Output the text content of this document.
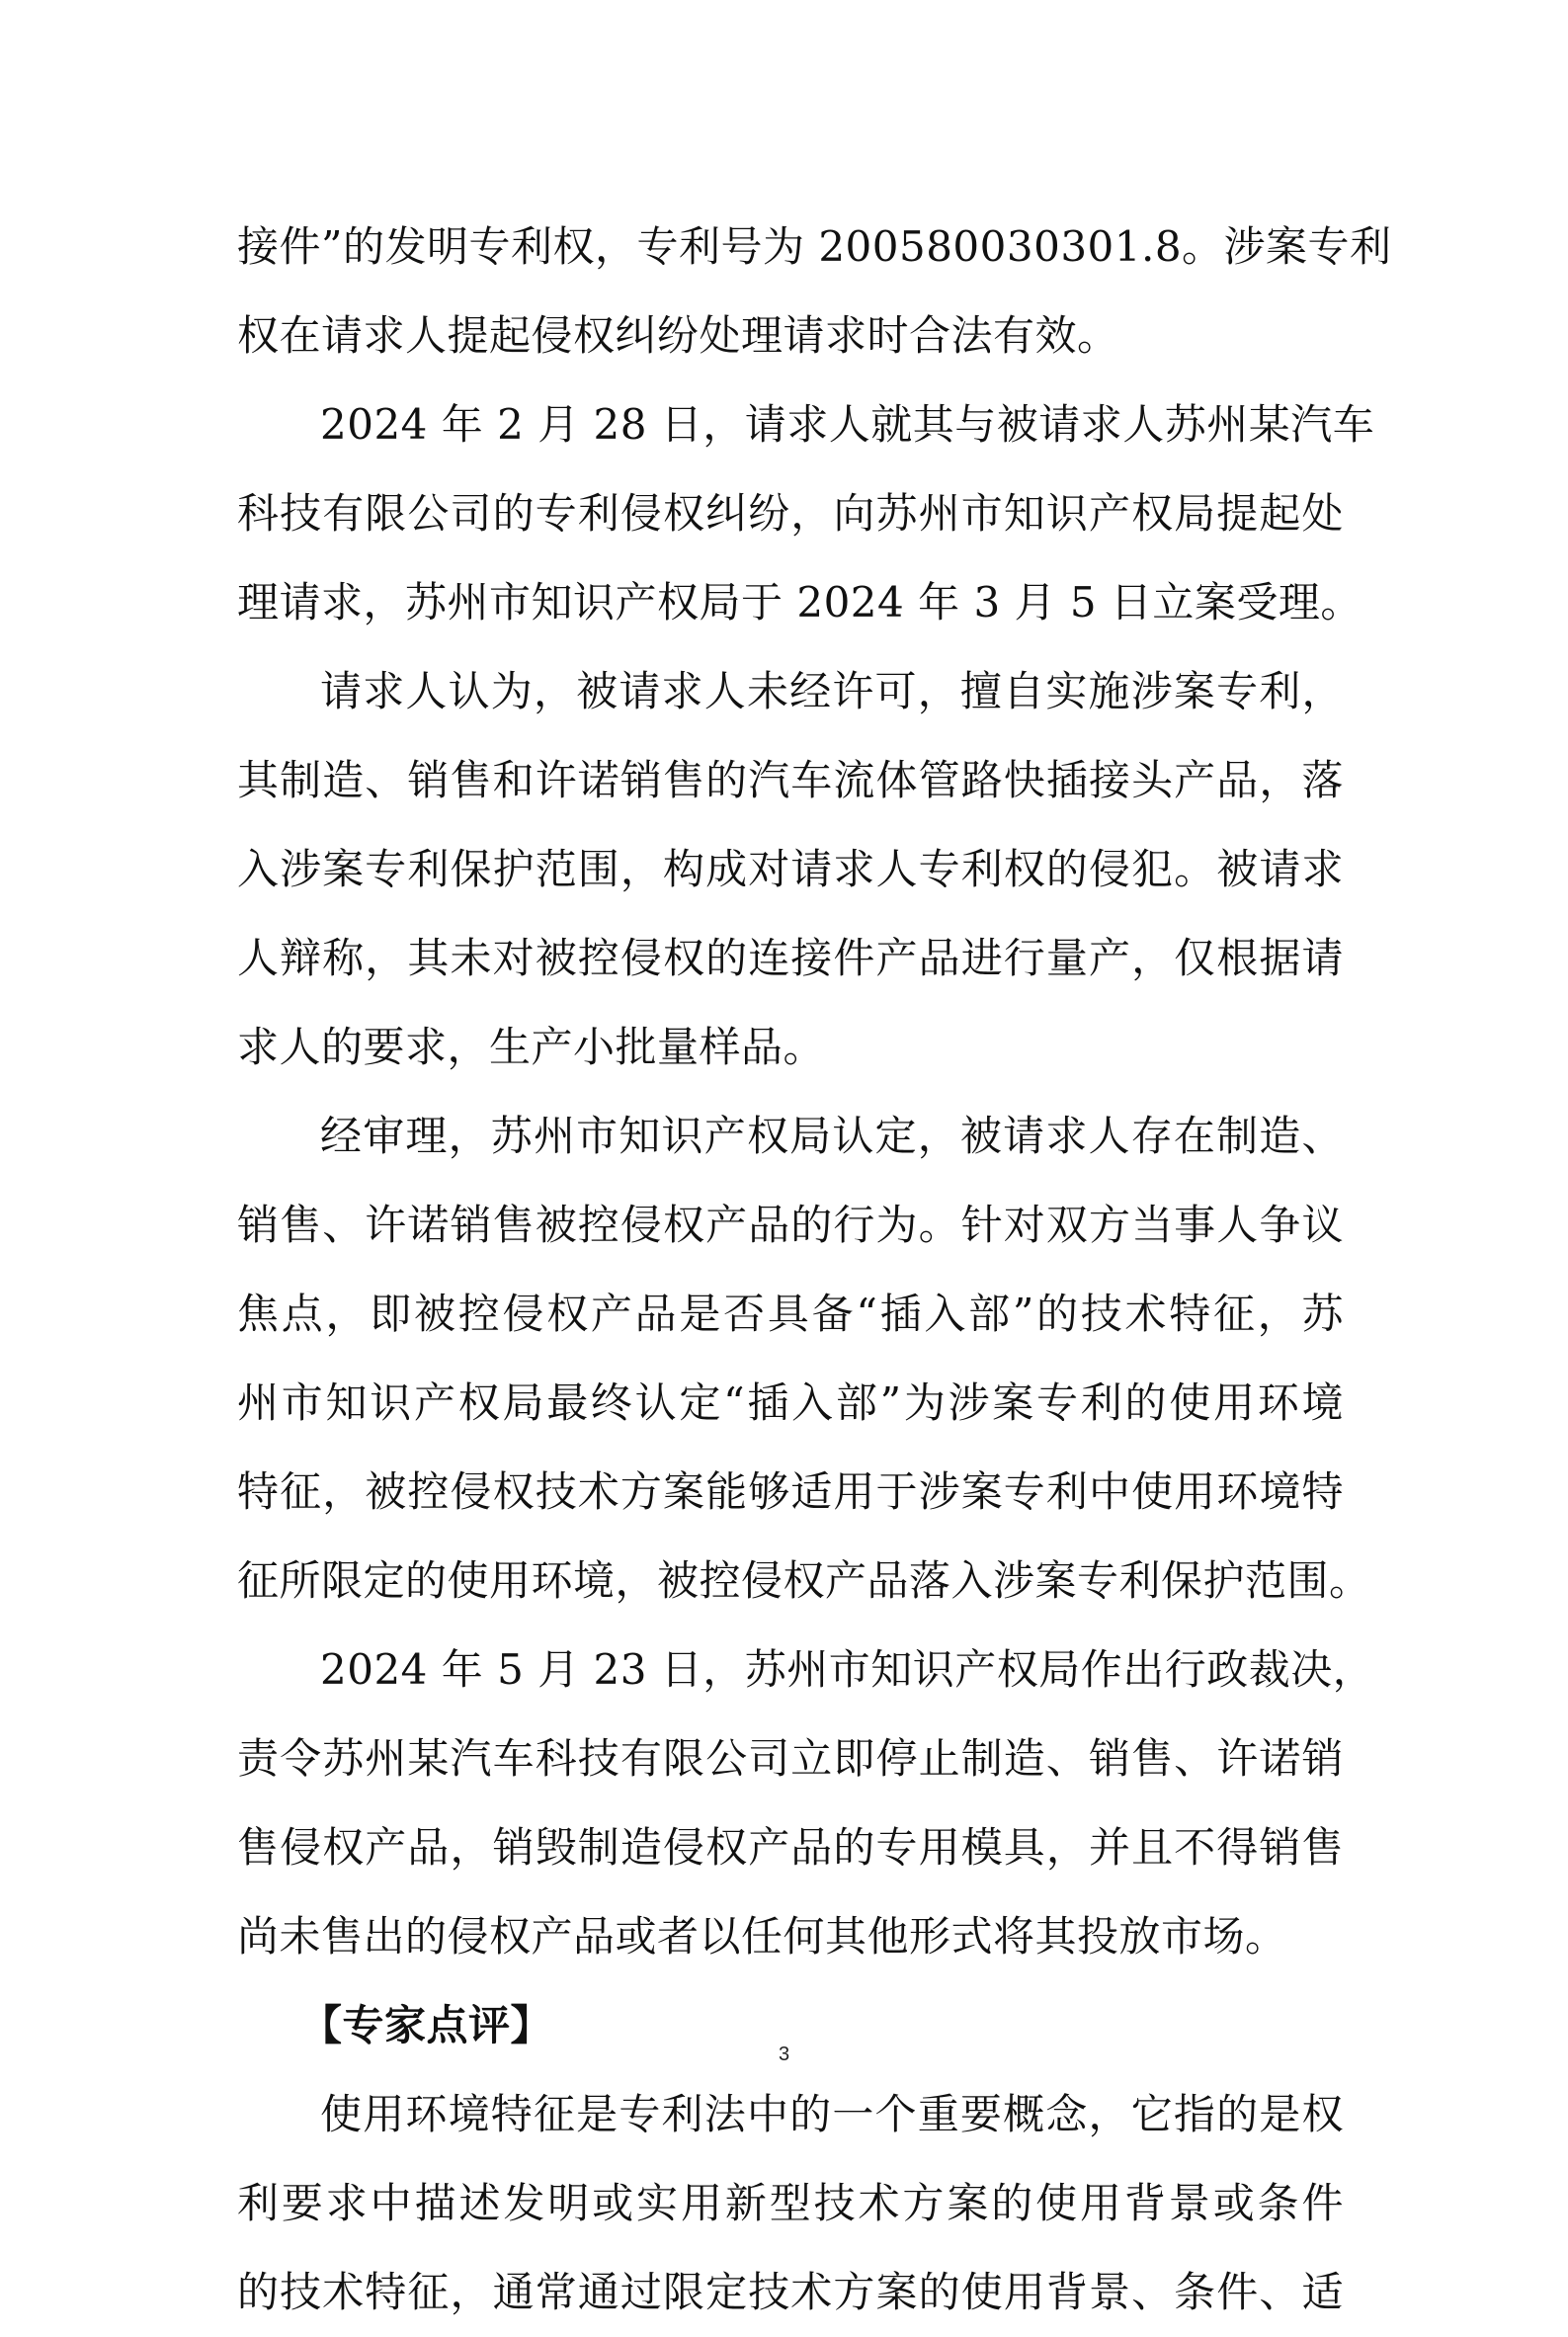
接件”的发明专利权，专利号为 200580030301.8。涉案专利
权在请求人提起侵权纠纷处理请求时合法有效。
2024 年 2 月 28 日，请求人就其与被请求人苏州某汽车
科技有限公司的专利侵权纠纷，向苏州市知识产权局提起处
理请求，苏州市知识产权局于 2024 年 3 月 5 日立案受理。
请求人认为，被请求人未经许可，擅自实施涉案专利，
其制造、销售和许诺销售的汽车流体管路快插接头产品，落
入涉案专利保护范围，构成对请求人专利权的侵犯。被请求
人辩称，其未对被控侵权的连接件产品进行量产，仅根据请
求人的要求，生产小批量样品。
经审理，苏州市知识产权局认定，被请求人存在制造、
销售、许诺销售被控侵权产品的行为。针对双方当事人争议
焦点，即被控侵权产品是否具备“插入部”的技术特征，苏
州市知识产权局最终认定“插入部”为涉案专利的使用环境
特征，被控侵权技术方案能够适用于涉案专利中使用环境特
征所限定的使用环境，被控侵权产品落入涉案专利保护范围。
2024 年 5 月 23 日，苏州市知识产权局作出行政裁决，
责令苏州某汽车科技有限公司立即停止制造、销售、许诺销
售侵权产品，销毁制造侵权产品的专用模具，并且不得销售
尚未售出的侵权产品或者以任何其他形式将其投放市场。
【专家点评】
使用环境特征是专利法中的一个重要概念，它指的是权
利要求中描述发明或实用新型技术方案的使用背景或条件
的技术特征，通常通过限定技术方案的使用背景、条件、适
3
